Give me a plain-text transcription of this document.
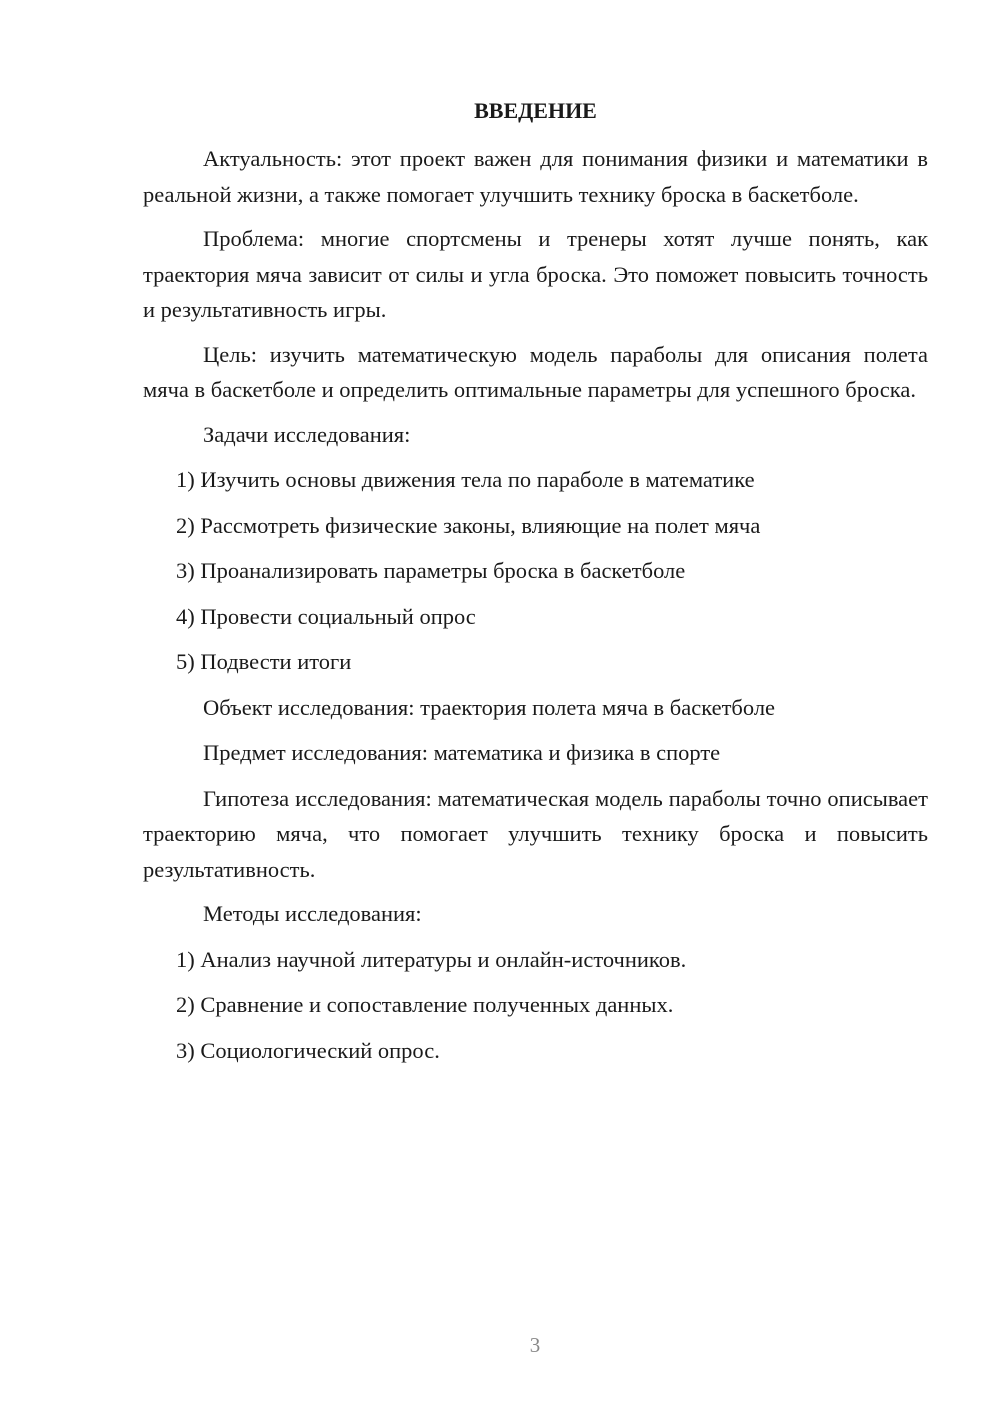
ВВЕДЕНИЕ

Актуальность: этот проект важен для понимания физики и математики в реальной жизни, а также помогает улучшить технику броска в баскетболе.

Проблема: многие спортсмены и тренеры хотят лучше понять, как траектория мяча зависит от силы и угла броска. Это поможет повысить точность и результативность игры.

Цель: изучить математическую модель параболы для описания полета мяча в баскетболе и определить оптимальные параметры для успешного броска.

Задачи исследования:

1) Изучить основы движения тела по параболе в математике
2) Рассмотреть физические законы, влияющие на полет мяча
3) Проанализировать параметры броска в баскетболе
4) Провести социальный опрос
5) Подвести итоги

Объект исследования: траектория полета мяча в баскетболе

Предмет исследования: математика и физика в спорте

Гипотеза исследования: математическая модель параболы точно описывает траекторию мяча, что помогает улучшить технику броска и повысить результативность.

Методы исследования:

1) Анализ научной литературы и онлайн-источников.
2) Сравнение и сопоставление полученных данных.
3) Социологический опрос.
3
